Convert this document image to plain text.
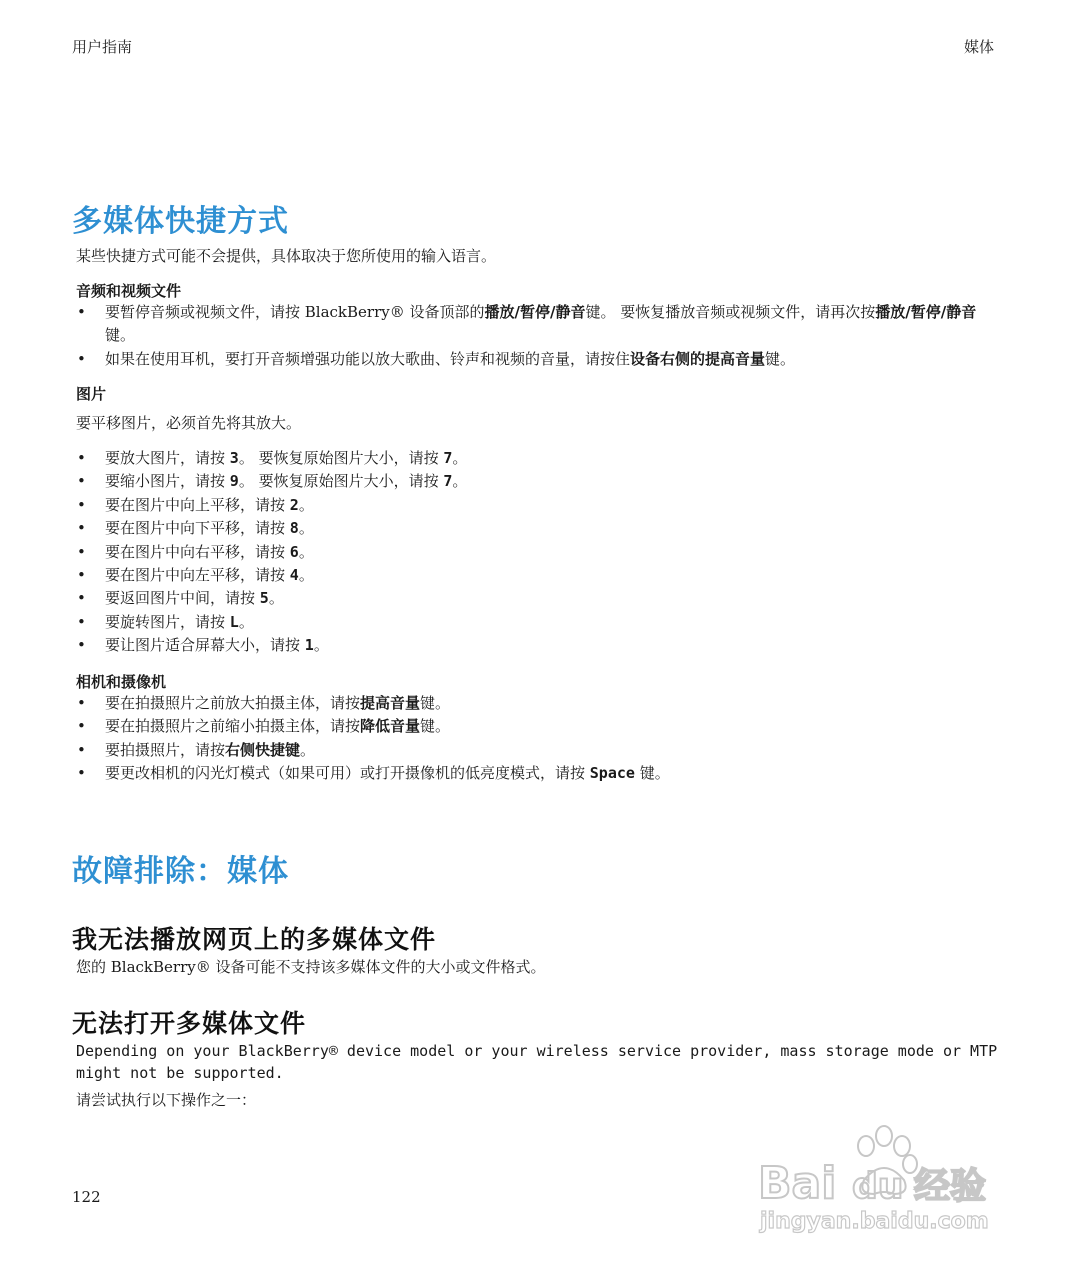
用户指南	媒体
多媒体快捷方式

某些快捷方式可能不会提供，具体取决于您所使用的输入语言。

音频和视频文件
• 要暂停音频或视频文件，请按 BlackBerry® 设备顶部的播放/暂停/静音键。 要恢复播放音频或视频文件，请再次按播放/暂停/静音键。
• 如果在使用耳机，要打开音频增强功能以放大歌曲、铃声和视频的音量，请按住设备右侧的提高音量键。
图片

要平移图片，必须首先将其放大。

• 要放大图片，请按 3。 要恢复原始图片大小，请按 7。
• 要缩小图片，请按 9。 要恢复原始图片大小，请按 7。
• 要在图片中向上平移，请按 2。
• 要在图片中向下平移，请按 8。
• 要在图片中向右平移，请按 6。
• 要在图片中向左平移，请按 4。
• 要返回图片中间，请按 5。
• 要旋转图片，请按 L。
• 要让图片适合屏幕大小，请按 1。
相机和摄像机
• 要在拍摄照片之前放大拍摄主体，请按提高音量键。
• 要在拍摄照片之前缩小拍摄主体，请按降低音量键。
• 要拍摄照片，请按右侧快捷键。
• 要更改相机的闪光灯模式（如果可用）或打开摄像机的低亮度模式，请按 Space 键。
故障排除：媒体
我无法播放网页上的多媒体文件

您的 BlackBerry® 设备可能不支持该多媒体文件的大小或文件格式。

无法打开多媒体文件

Depending on your BlackBerry® device model or your wireless service provider, mass storage mode or MTP

might not be supported.

请尝试执行以下操作之一：

122	Bai du 经验
jingyan.baidu.com
